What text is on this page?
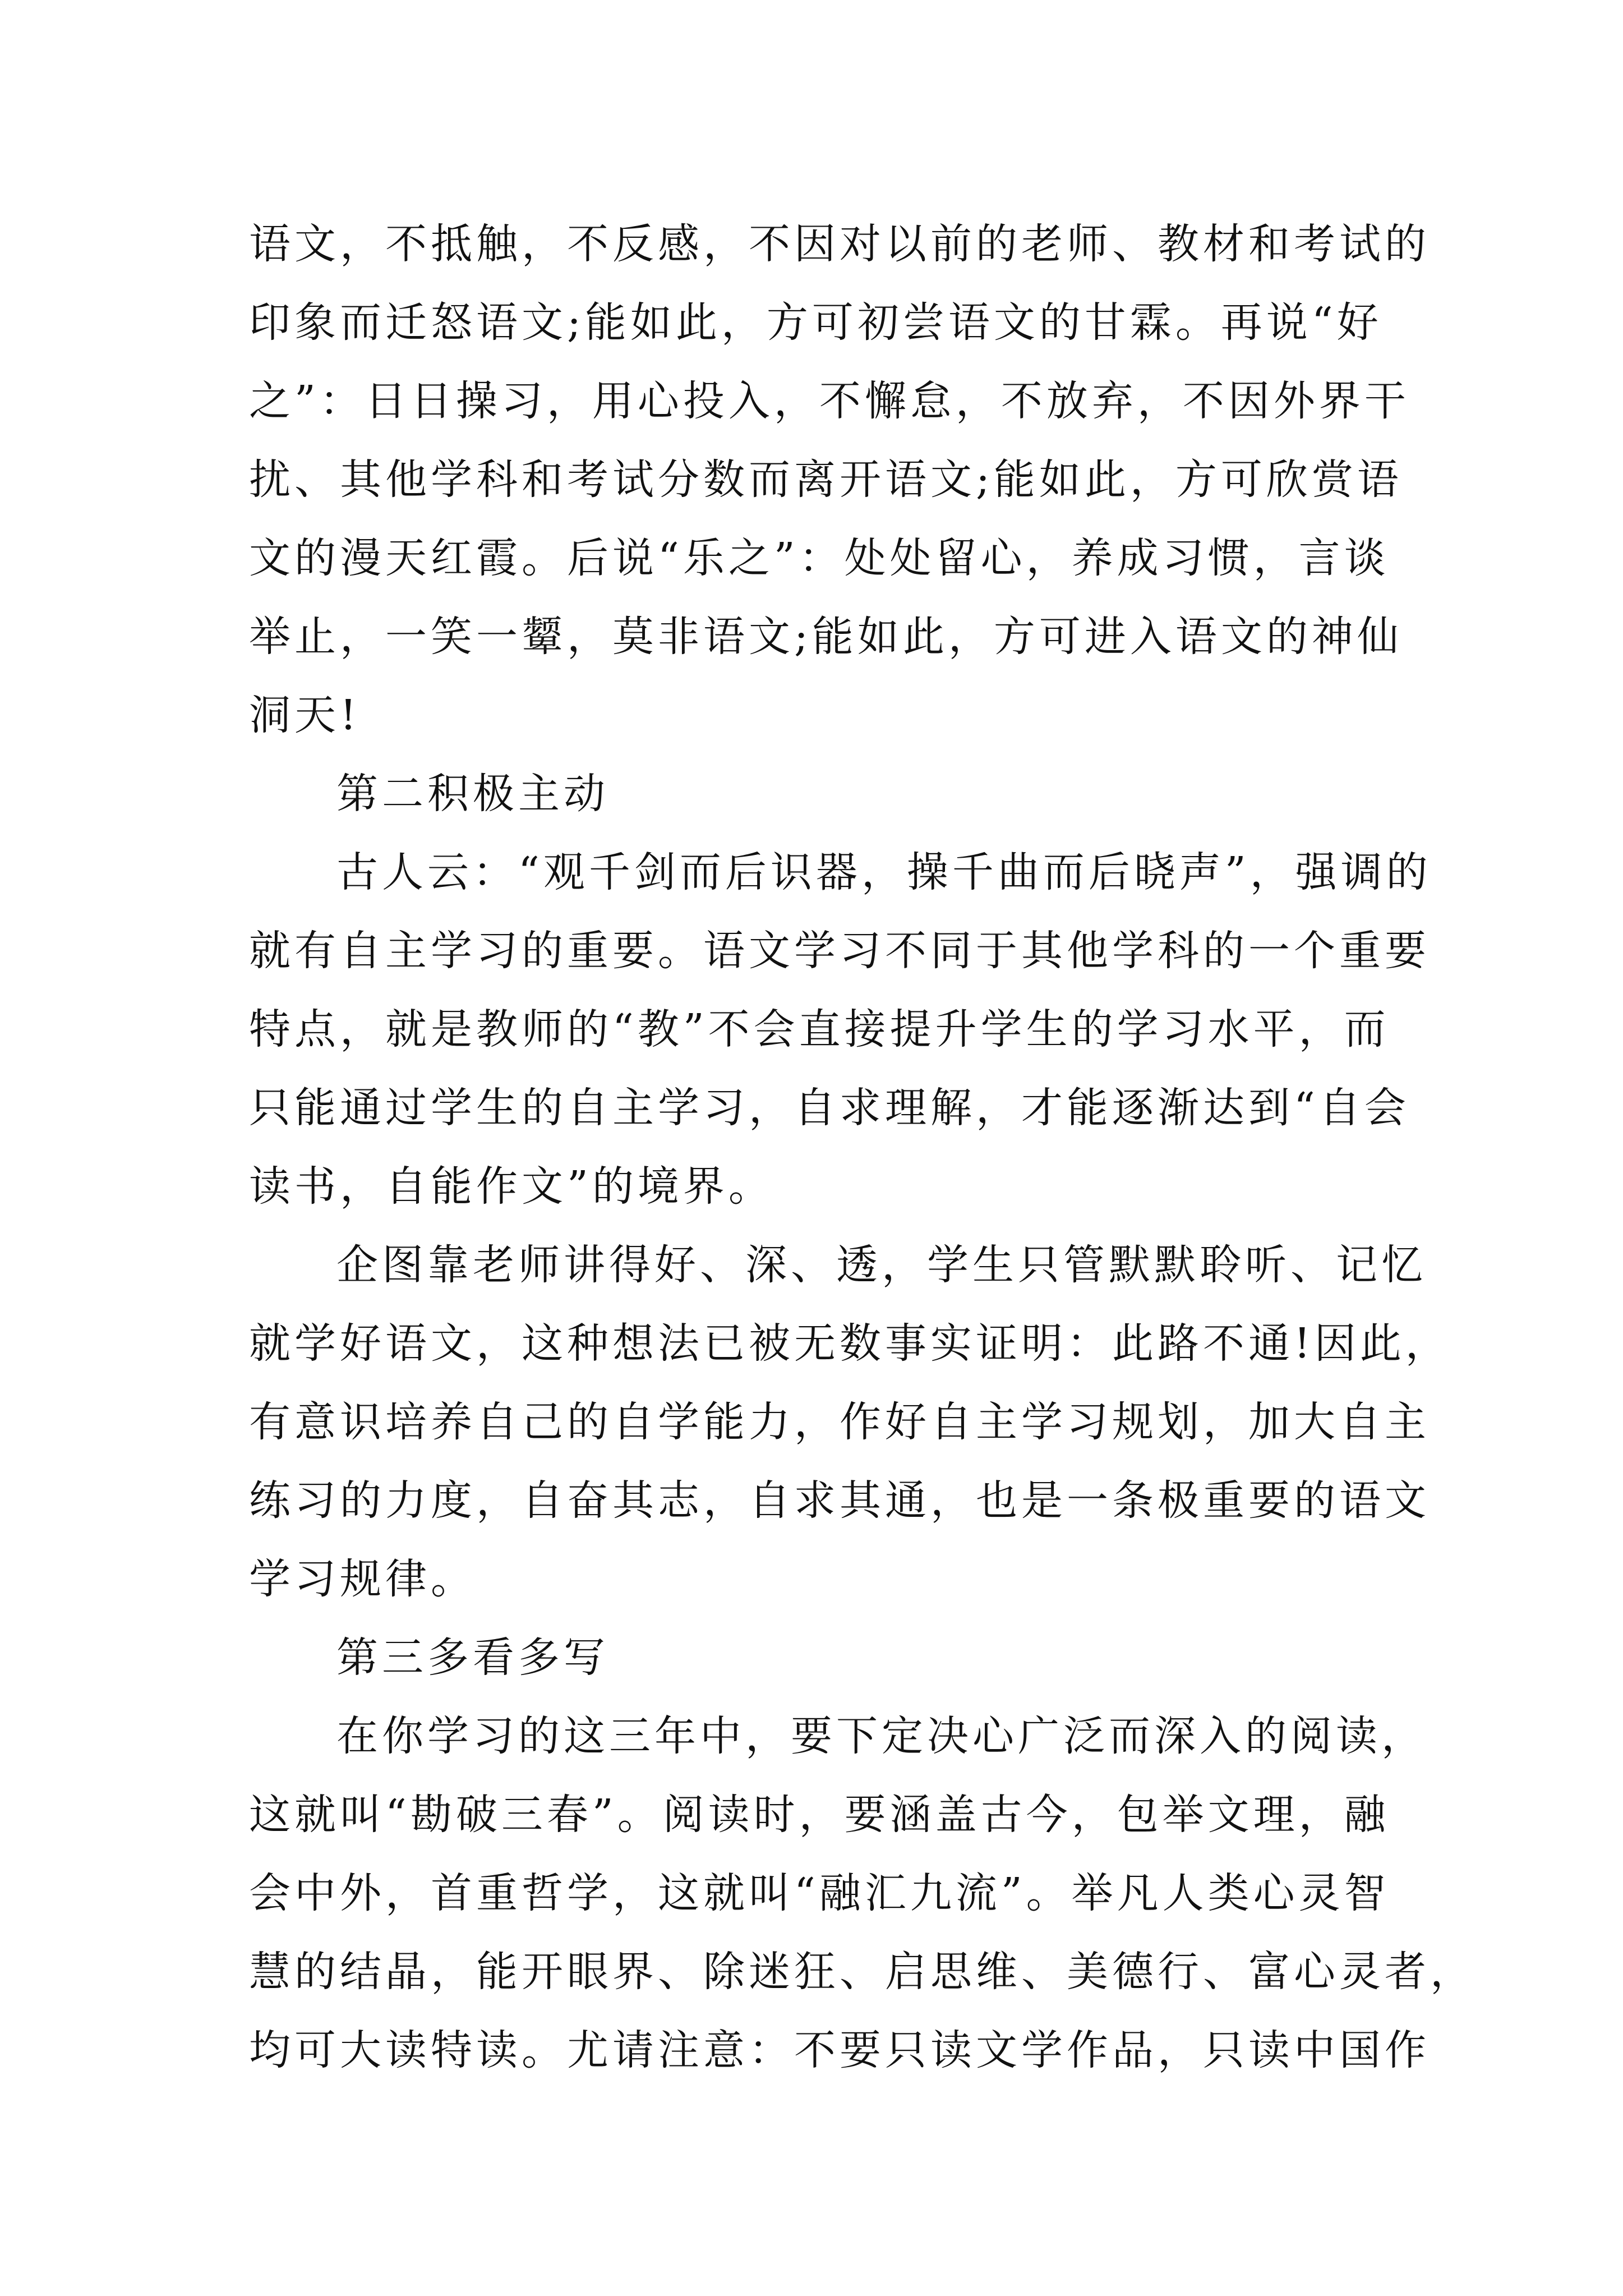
语文，不抵触，不反感，不因对以前的老师、教材和考试的
印象而迁怒语文;能如此，方可初尝语文的甘霖。再说“好
之”：日日操习，用心投入，不懈怠，不放弃，不因外界干
扰、其他学科和考试分数而离开语文;能如此，方可欣赏语
文的漫天红霞。后说“乐之”：处处留心，养成习惯，言谈
举止，一笑一颦，莫非语文;能如此，方可进入语文的神仙
洞天!
第二积极主动
古人云：“观千剑而后识器，操千曲而后晓声”，强调的
就有自主学习的重要。语文学习不同于其他学科的一个重要
特点，就是教师的“教”不会直接提升学生的学习水平，而
只能通过学生的自主学习，自求理解，才能逐渐达到“自会
读书，自能作文”的境界。
企图靠老师讲得好、深、透，学生只管默默聆听、记忆
就学好语文，这种想法已被无数事实证明：此路不通!因此，
有意识培养自己的自学能力，作好自主学习规划，加大自主
练习的力度，自奋其志，自求其通，也是一条极重要的语文
学习规律。
第三多看多写
在你学习的这三年中，要下定决心广泛而深入的阅读，
这就叫“勘破三春”。阅读时，要涵盖古今，包举文理，融
会中外，首重哲学，这就叫“融汇九流”。举凡人类心灵智
慧的结晶，能开眼界、除迷狂、启思维、美德行、富心灵者，
均可大读特读。尤请注意：不要只读文学作品，只读中国作
